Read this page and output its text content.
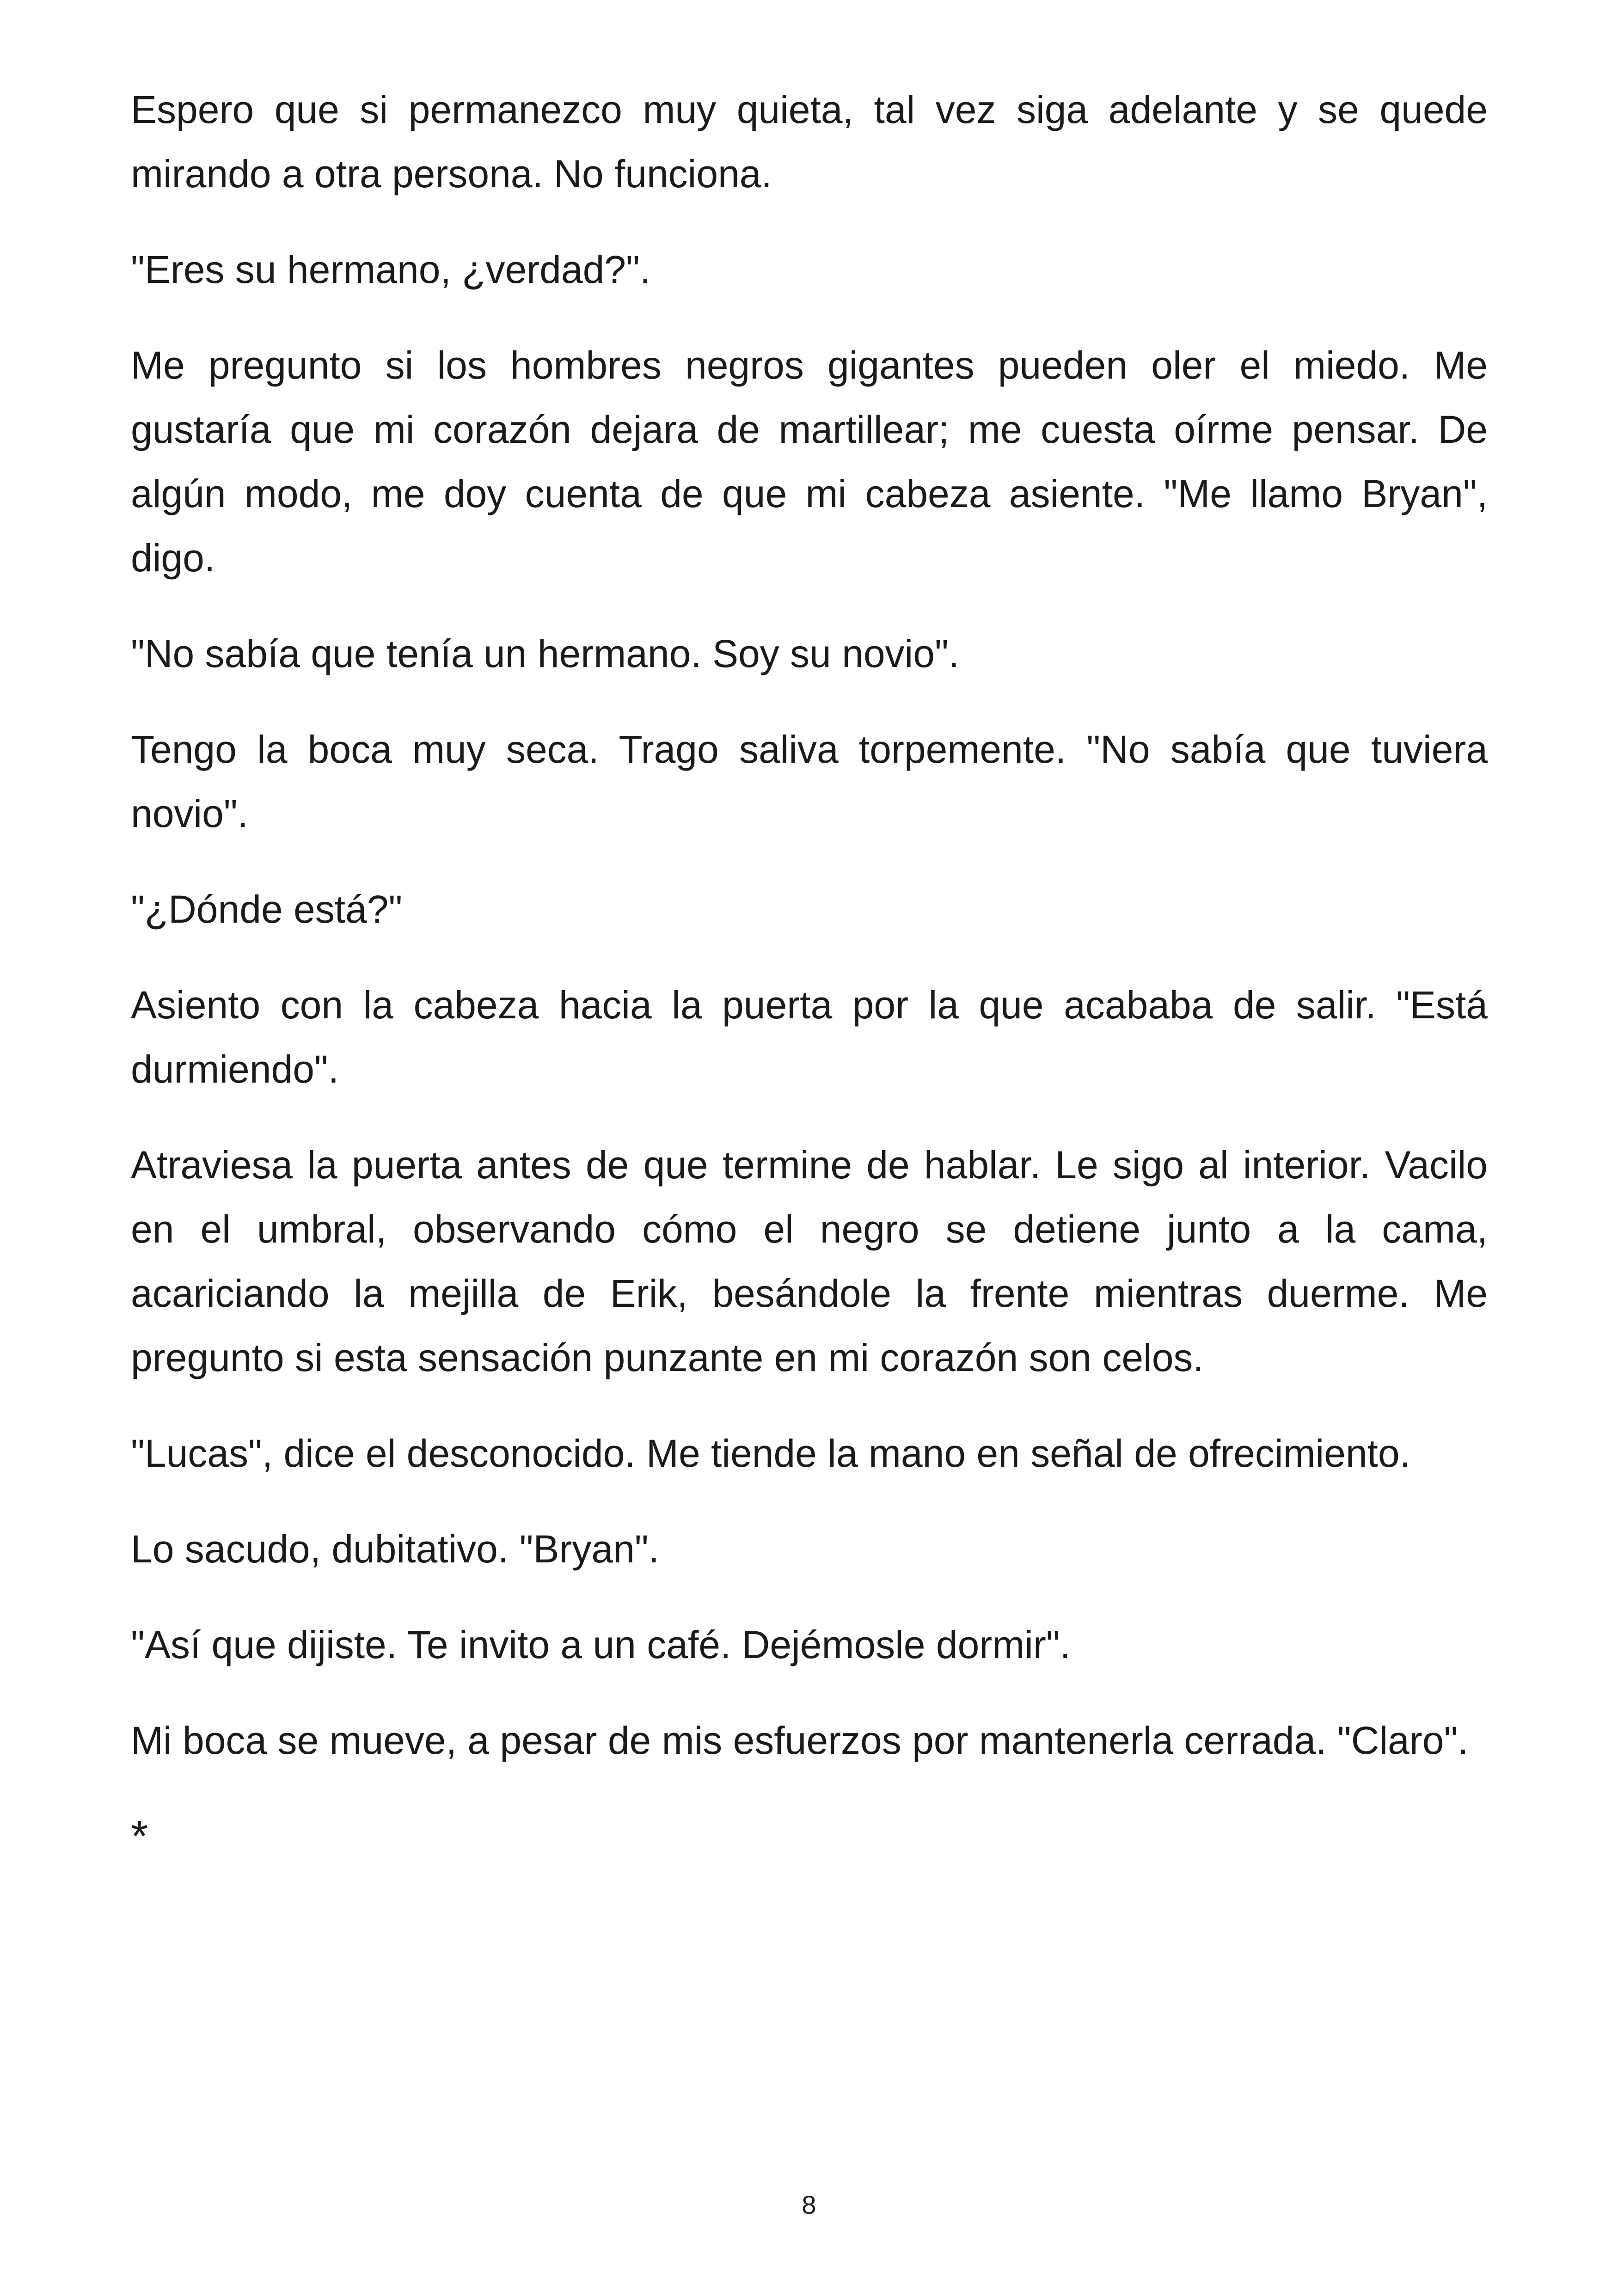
Espero que si permanezco muy quieta, tal vez siga adelante y se quede mirando a otra persona. No funciona.

"Eres su hermano, ¿verdad?".

Me pregunto si los hombres negros gigantes pueden oler el miedo. Me gustaría que mi corazón dejara de martillear; me cuesta oírme pensar. De algún modo, me doy cuenta de que mi cabeza asiente. "Me llamo Bryan", digo.

"No sabía que tenía un hermano. Soy su novio".

Tengo la boca muy seca. Trago saliva torpemente. "No sabía que tuviera novio".

"¿Dónde está?"

Asiento con la cabeza hacia la puerta por la que acababa de salir. "Está durmiendo".

Atraviesa la puerta antes de que termine de hablar. Le sigo al interior. Vacilo en el umbral, observando cómo el negro se detiene junto a la cama, acariciando la mejilla de Erik, besándole la frente mientras duerme. Me pregunto si esta sensación punzante en mi corazón son celos.

"Lucas", dice el desconocido. Me tiende la mano en señal de ofrecimiento.

Lo sacudo, dubitativo. "Bryan".

"Así que dijiste. Te invito a un café. Dejémosle dormir".

Mi boca se mueve, a pesar de mis esfuerzos por mantenerla cerrada. "Claro".

*

8
